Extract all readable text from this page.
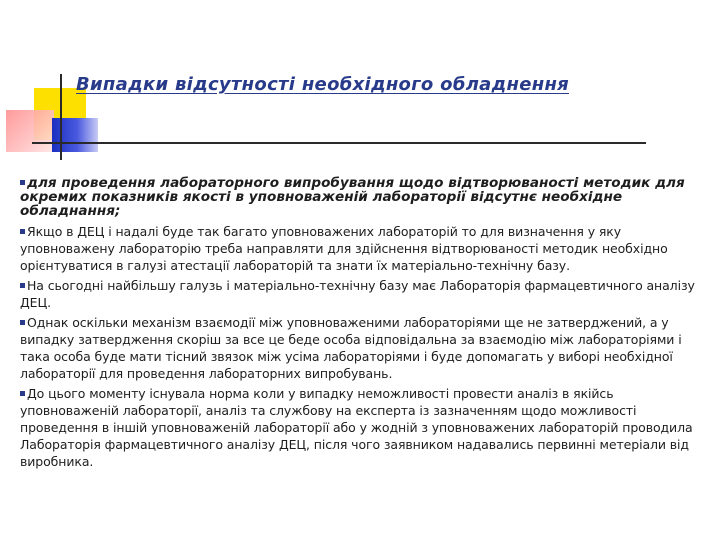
Випадки відсутності необхідного обладнення

для проведення лабораторного випробування щодо відтворюваності методик для окремих показників якості в уповноваженій лабораторії відсутнє необхідне обладнання;

Якщо в ДЕЦ і надалі буде так багато уповноважених лабораторій то для визначення у яку уповноважену лабораторію треба направляти для здійснення відтворюваності методик необхідно орієнтуватися в галузі атестації лабораторій та знати їх матеріально-технічну базу.

На сьогодні найбільшу галузь і матеріально-технічну базу має Лабораторія фармацевтичного аналізу ДЕЦ.

Однак оскільки механізм взаємодії між уповноваженими лабораторіями ще не затверджений, а у випадку затвердження скоріш за все це беде особа відповідальна за взаємодію між лабораторіями і така особа буде мати тісний звязок між усіма лабораторіями і буде допомагать у виборі необхідної лабораторії для проведення лабораторних випробувань.

До цього моменту існувала норма коли у випадку неможливості провести аналіз в якійсь уповноваженій лабораторії, аналіз та службову на експерта із зазначенням щодо можливості проведення в іншій уповноваженій лабораторії або у жодній з уповноважених лабораторій проводила Лабораторія фармацевтичного аналізу ДЕЦ, після чого заявником надавались первинні метеріали від виробника.
